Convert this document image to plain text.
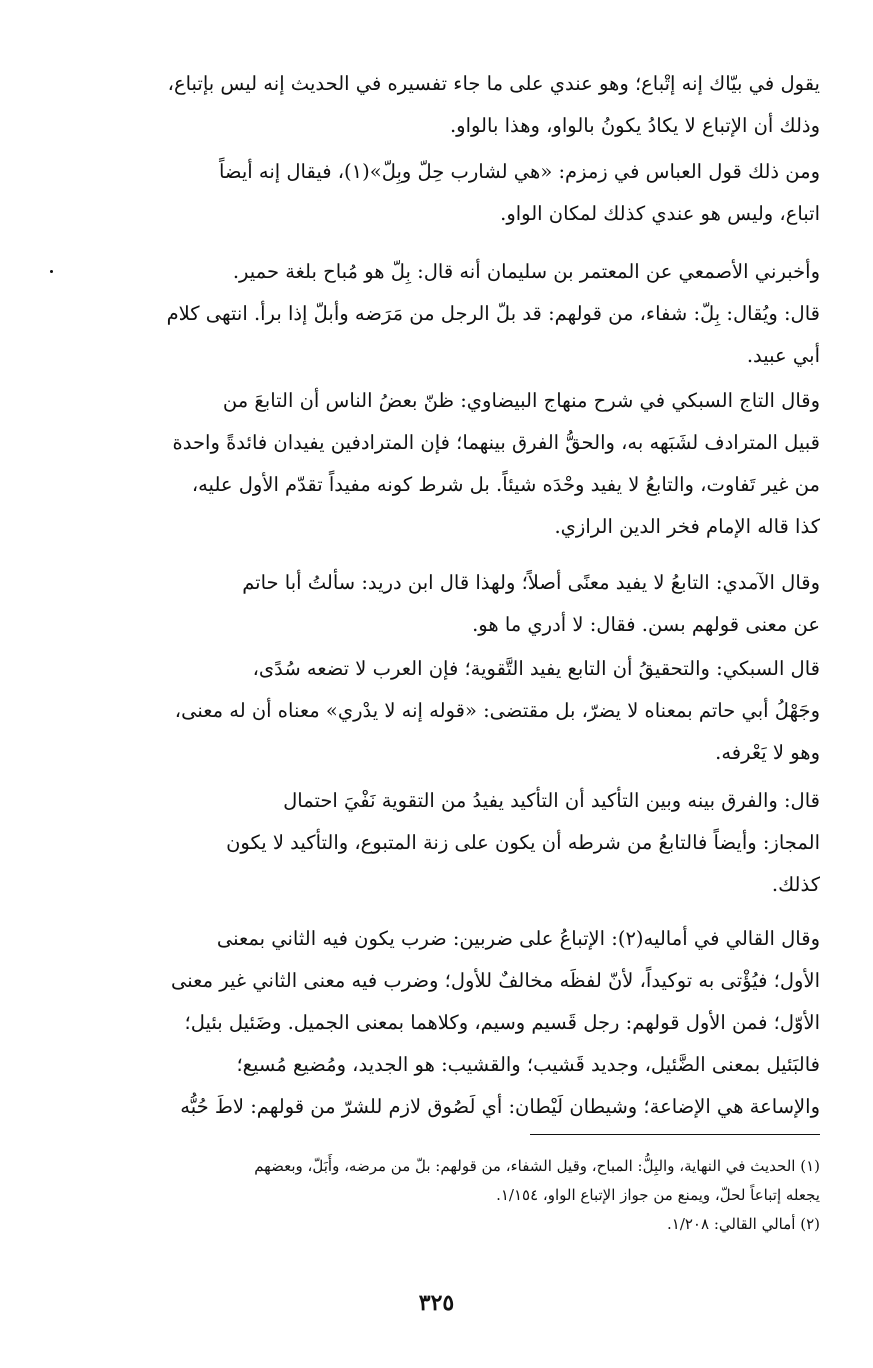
يقول في بيّاك إنه إتْباع؛ وهو عندي على ما جاء تفسيره في الحديث إنه ليس بإتباع،
وذلك أن الإتباع لا يكادُ يكونُ بالواو، وهذا بالواو.
ومن ذلك قول العباس في زمزم: «هي لشارب حِلّ وبِلّ»(١)، فيقال إنه أيضاً
اتباع، وليس هو عندي كذلك لمكان الواو.
وأخبرني الأصمعي عن المعتمر بن سليمان أنه قال: بِلّ هو مُباح بلغة حمير.
قال: ويُقال: بِلّ: شفاء، من قولهم: قد بلّ الرجل من مَرَضه وأبلّ إذا برأ. انتهى كلام
أبي عبيد.
وقال التاج السبكي في شرح منهاج البيضاوي: ظنّ بعضُ الناس أن التابعَ من
قبيل المترادف لشَبَهه به، والحقُّ الفرق بينهما؛ فإن المترادفين يفيدان فائدةً واحدة
من غير تَفاوت، والتابعُ لا يفيد وحْدَه شيئاً. بل شرط كونه مفيداً تقدّم الأول عليه،
كذا قاله الإمام فخر الدين الرازي.
وقال الآمدي: التابعُ لا يفيد معنًى أصلاً؛ ولهذا قال ابن دريد: سألتُ أبا حاتم
عن معنى قولهم بسن. فقال: لا أدري ما هو.
قال السبكي: والتحقيقُ أن التابع يفيد التَّقوية؛ فإن العرب لا تضعه سُدًى،
وجَهْلُ أبي حاتم بمعناه لا يضرّ، بل مقتضى: «قوله إنه لا يدْري» معناه أن له معنى،
وهو لا يَعْرفه.
قال: والفرق بينه وبين التأكيد أن التأكيد يفيدُ من التقوية نَفْيَ احتمال
المجاز: وأيضاً فالتابعُ من شرطه أن يكون على زنة المتبوع، والتأكيد لا يكون
كذلك.
وقال القالي في أماليه(٢): الإتباعُ على ضربين: ضرب يكون فيه الثاني بمعنى
الأول؛ فيُؤْتى به توكيداً، لأنّ لفظَه مخالفٌ للأول؛ وضرب فيه معنى الثاني غير معنى
الأوّل؛ فمن الأول قولهم: رجل قَسيم وسيم، وكلاهما بمعنى الجميل. وضَئيل بئيل؛
فالبَئيل بمعنى الضَّئيل، وجديد قَشيب؛ والقشيب: هو الجديد، ومُضيع مُسيع؛
والإساعة هي الإضاعة؛ وشيطان لَيْطان: أي لَصُوق لازم للشرّ من قولهم: لاطَ حُبُّه
(١) الحديث في النهاية، والبِلُّ: المباح، وقيل الشفاء، من قولهم: بلّ من مرضه، وأَبَلّ، وبعضهم
يجعله إتباعاً لحلّ، ويمنع من جواز الإتباع الواو، ١/١٥٤.
(٢) أمالي القالي: ١/٢٠٨.
٣٢٥
